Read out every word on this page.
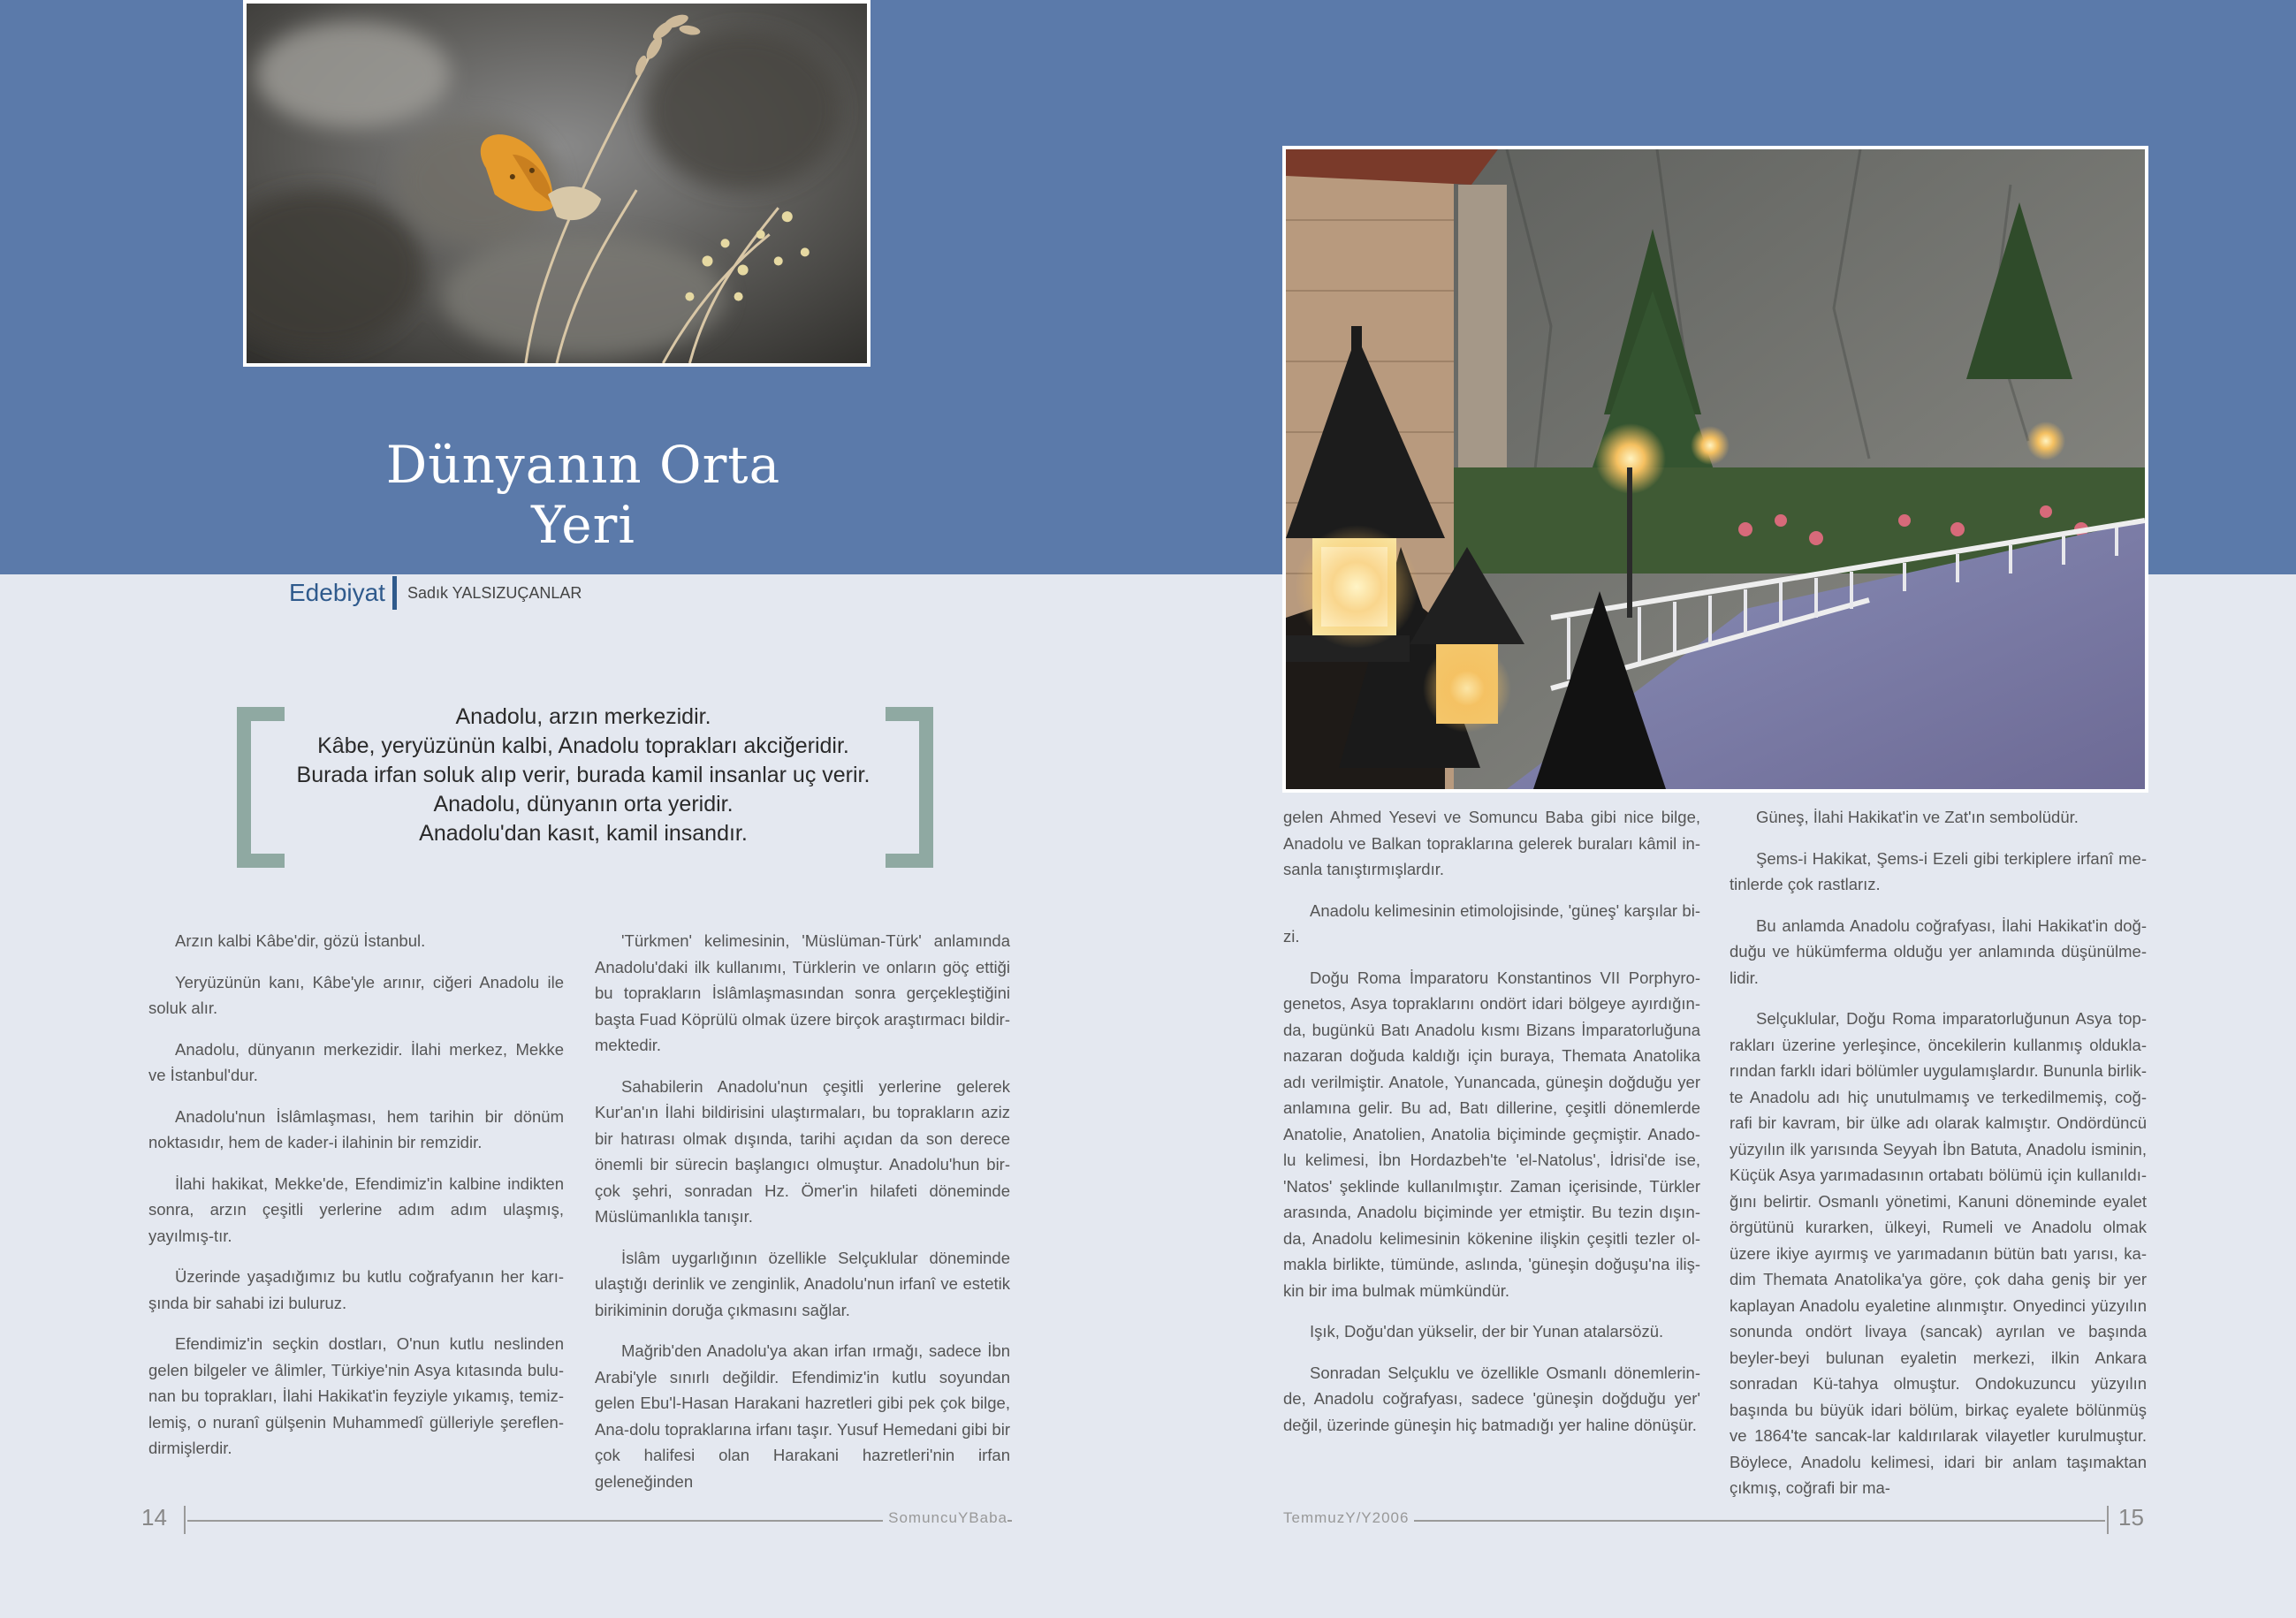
Dünyanın Orta Yeri
Edebiyat	Sadık YALSIZUÇANLAR
Anadolu, arzın merkezidir.
Kâbe, yeryüzünün kalbi, Anadolu toprakları akciğeridir.
Burada irfan soluk alıp verir, burada kamil insanlar uç verir.
Anadolu, dünyanın orta yeridir.
Anadolu'dan kasıt, kamil insandır.

Arzın kalbi Kâbe'dir, gözü İstanbul.

Yeryüzünün kanı, Kâbe'yle arınır, ciğeri Anadolu ile soluk alır.

Anadolu, dünyanın merkezidir. İlahi merkez, Mekke ve İstanbul'dur.

Anadolu'nun İslâmlaşması, hem tarihin bir dönüm noktasıdır, hem de kader-i ilahinin bir remzidir.

İlahi hakikat, Mekke'de, Efendimiz'in kalbine indikten sonra, arzın çeşitli yerlerine adım adım ulaşmış, yayılmış-tır.

Üzerinde yaşadığımız bu kutlu coğrafyanın her karı-şında bir sahabi izi buluruz.

Efendimiz'in seçkin dostları, O'nun kutlu neslinden gelen bilgeler ve âlimler, Türkiye'nin Asya kıtasında bulu-nan bu toprakları, İlahi Hakikat'in feyziyle yıkamış, temiz-lemiş, o nuranî gülşenin Muhammedî gülleriyle şereflen-dirmişlerdir.

'Türkmen' kelimesinin, 'Müslüman-Türk' anlamında Anadolu'daki ilk kullanımı, Türklerin ve onların göç ettiği bu toprakların İslâmlaşmasından sonra gerçekleştiğini başta Fuad Köprülü olmak üzere birçok araştırmacı bildir-mektedir.

Sahabilerin Anadolu'nun çeşitli yerlerine gelerek Kur'an'ın İlahi bildirisini ulaştırmaları, bu toprakların aziz bir hatırası olmak dışında, tarihi açıdan da son derece önemli bir sürecin başlangıcı olmuştur. Anadolu'hun bir-çok şehri, sonradan Hz. Ömer'in hilafeti döneminde Müslümanlıkla tanışır.

İslâm uygarlığının özellikle Selçuklular döneminde ulaştığı derinlik ve zenginlik, Anadolu'nun irfanî ve estetik birikiminin doruğa çıkmasını sağlar.

Mağrib'den Anadolu'ya akan irfan ırmağı, sadece İbn Arabi'yle sınırlı değildir. Efendimiz'in kutlu soyundan gelen Ebu'l-Hasan Harakani hazretleri gibi pek çok bilge, Ana-dolu topraklarına irfanı taşır. Yusuf Hemedani gibi bir çok halifesi olan Harakani hazretleri'nin irfan geleneğinden

gelen Ahmed Yesevi ve Somuncu Baba gibi nice bilge, Anadolu ve Balkan topraklarına gelerek buraları kâmil in-sanla tanıştırmışlardır.

Anadolu kelimesinin etimolojisinde, 'güneş' karşılar bi-zi.

Doğu Roma İmparatoru Konstantinos VII Porphyro-genetos, Asya topraklarını ondört idari bölgeye ayırdığın-da, bugünkü Batı Anadolu kısmı Bizans İmparatorluğuna nazaran doğuda kaldığı için buraya, Themata Anatolika adı verilmiştir. Anatole, Yunancada, güneşin doğduğu yer anlamına gelir. Bu ad, Batı dillerine, çeşitli dönemlerde Anatolie, Anatolien, Anatolia biçiminde geçmiştir. Anado-lu kelimesi, İbn Hordazbeh'te 'el-Natolus', İdrisi'de ise, 'Natos' şeklinde kullanılmıştır. Zaman içerisinde, Türkler arasında, Anadolu biçiminde yer etmiştir. Bu tezin dışın-da, Anadolu kelimesinin kökenine ilişkin çeşitli tezler ol-makla birlikte, tümünde, aslında, 'güneşin doğuşu'na iliş-kin bir ima bulmak mümkündür.

Işık, Doğu'dan yükselir, der bir Yunan atalarsözü.

Sonradan Selçuklu ve özellikle Osmanlı dönemlerin-de, Anadolu coğrafyası, sadece 'güneşin doğduğu yer' değil, üzerinde güneşin hiç batmadığı yer haline dönüşür.

Güneş, İlahi Hakikat'in ve Zat'ın sembolüdür.

Şems-i Hakikat, Şems-i Ezeli gibi terkiplere irfanî me-tinlerde çok rastlarız.

Bu anlamda Anadolu coğrafyası, İlahi Hakikat'in doğ-duğu ve hükümferma olduğu yer anlamında düşünülme-lidir.

Selçuklular, Doğu Roma imparatorluğunun Asya top-rakları üzerine yerleşince, öncekilerin kullanmış oldukla-rından farklı idari bölümler uygulamışlardır. Bununla birlik-te Anadolu adı hiç unutulmamış ve terkedilmemiş, coğ-rafi bir kavram, bir ülke adı olarak kalmıştır. Ondördüncü yüzyılın ilk yarısında Seyyah İbn Batuta, Anadolu isminin, Küçük Asya yarımadasının ortabatı bölümü için kullanıldı-ğını belirtir. Osmanlı yönetimi, Kanuni döneminde eyalet örgütünü kurarken, ülkeyi, Rumeli ve Anadolu olmak üzere ikiye ayırmış ve yarımadanın bütün batı yarısı, ka-dim Themata Anatolika'ya göre, çok daha geniş bir yer kaplayan Anadolu eyaletine alınmıştır. Onyedinci yüzyılın sonunda ondört livaya (sancak) ayrılan ve başında beyler-beyi bulunan eyaletin merkezi, ilkin Ankara sonradan Kü-tahya olmuştur. Ondokuzuncu yüzyılın başında bu büyük idari bölüm, birkaç eyalete bölünmüş ve 1864'te sancak-lar kaldırılarak vilayetler kurulmuştur. Böylece, Anadolu kelimesi, idari bir anlam taşımaktan çıkmış, coğrafi bir ma-

14	SomuncuYBaba	TemmuzY/Y2006	15
